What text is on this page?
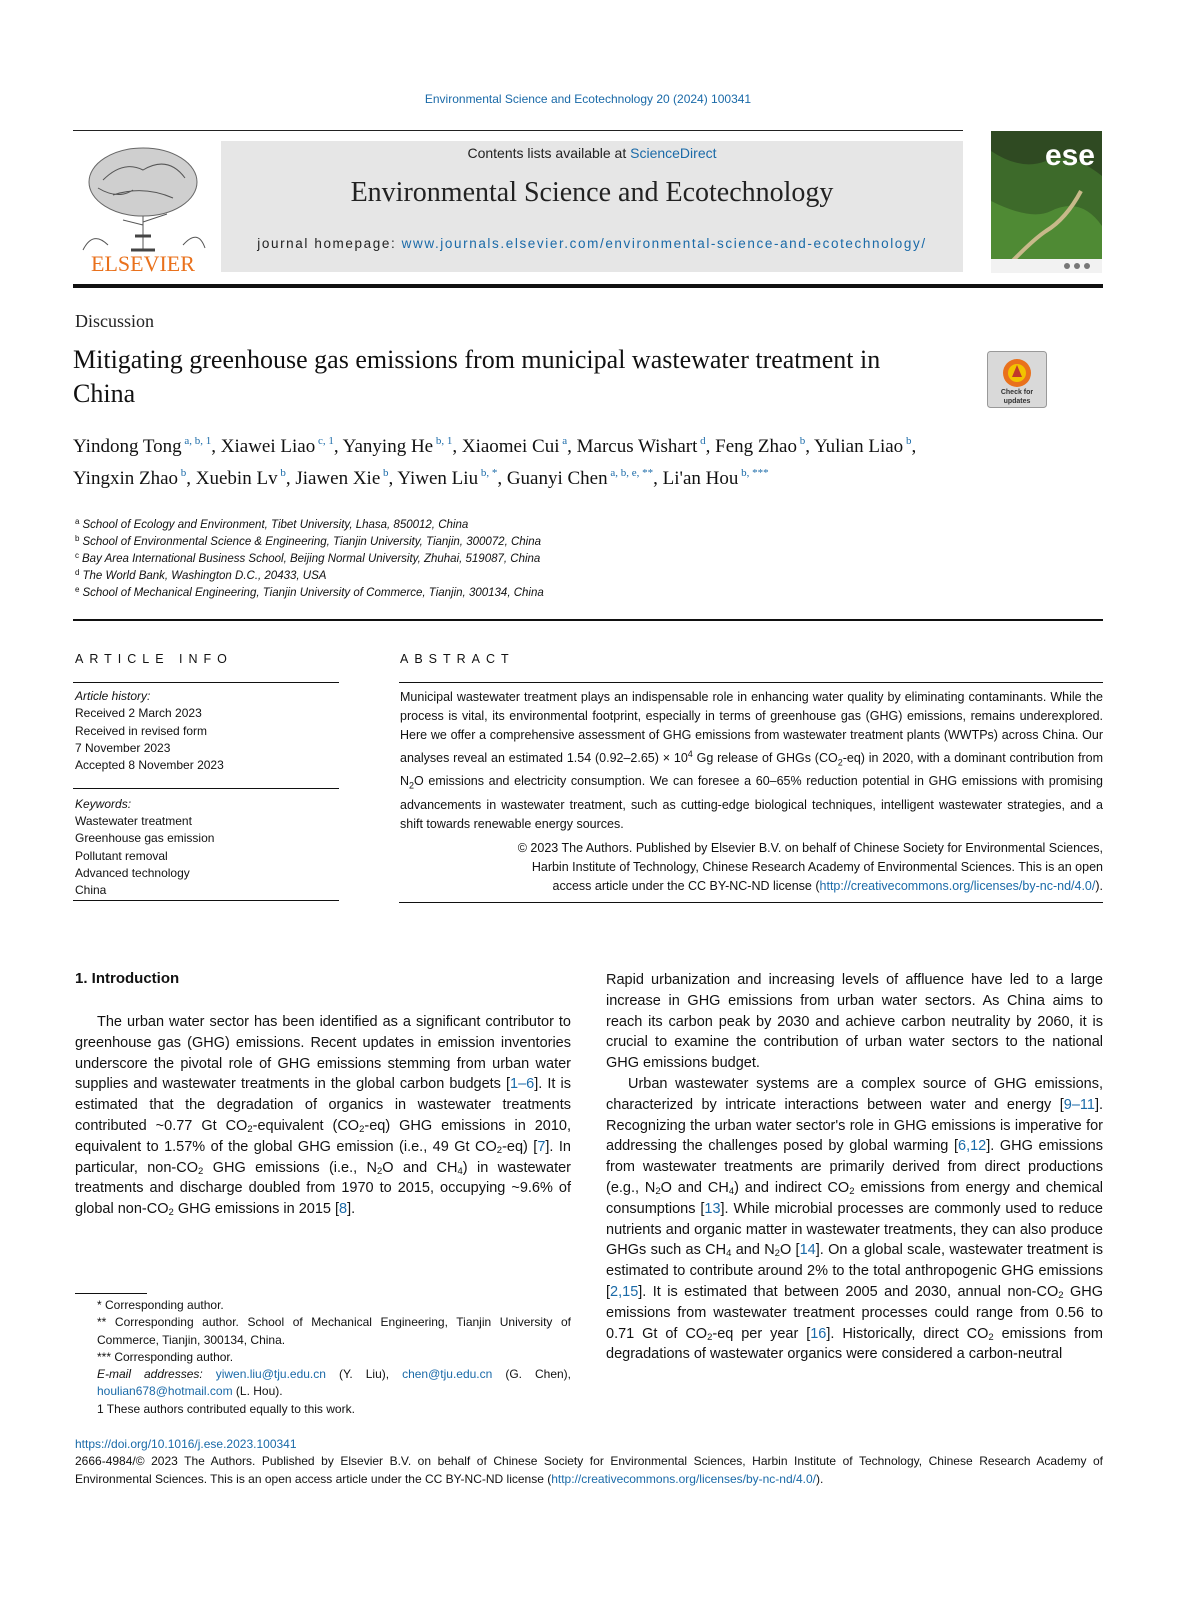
Environmental Science and Ecotechnology 20 (2024) 100341
ELSEVIER
Contents lists available at ScienceDirect
Environmental Science and Ecotechnology
journal homepage: www.journals.elsevier.com/environmental-science-and-ecotechnology/
ese
Discussion
Mitigating greenhouse gas emissions from municipal wastewater treatment in China	Check for
updates
Yindong Tong $^{a, b, 1}$, Xiawei Liao $^{c, 1}$, Yanying He $^{b, 1}$, Xiaomei Cui $^a$, Marcus Wishart $^d$, Feng Zhao $^b$, Yulian Liao $^b$, Yingxin Zhao $^b$, Xuebin Lv $^b$, Jiawen Xie $^b$, Yiwen Liu $^{b, *}$, Guanyi Chen $^{a, b, e, **}$, Li'an Hou $^{b, ***}$
$^a$ School of Ecology and Environment, Tibet University, Lhasa, 850012, China
$^b$ School of Environmental Science & Engineering, Tianjin University, Tianjin, 300072, China
$^c$ Bay Area International Business School, Beijing Normal University, Zhuhai, 519087, China
$^d$ The World Bank, Washington D.C., 20433, USA
$^e$ School of Mechanical Engineering, Tianjin University of Commerce, Tianjin, 300134, China
ARTICLE INFO
Article history:
Received 2 March 2023
Received in revised form
7 November 2023
Accepted 8 November 2023
Keywords:
Wastewater treatment
Greenhouse gas emission
Pollutant removal
Advanced technology
China
ABSTRACT
Municipal wastewater treatment plays an indispensable role in enhancing water quality by eliminating contaminants. While the process is vital, its environmental footprint, especially in terms of greenhouse gas (GHG) emissions, remains underexplored. Here we offer a comprehensive assessment of GHG emissions from wastewater treatment plants (WWTPs) across China. Our analyses reveal an estimated 1.54 $(0.92-2.65) \times 10^4$ Gg release of GHGs $(CO_2-eq)$ in 2020, with a dominant contribution from $N_2O$ emissions and electricity consumption. We can foresee a 60–65% reduction potential in GHG emissions with promising advancements in wastewater treatment, such as cutting-edge biological techniques, intelligent wastewater strategies, and a shift towards renewable energy sources.
© 2023 The Authors. Published by Elsevier B.V. on behalf of Chinese Society for Environmental Sciences,
Harbin Institute of Technology, Chinese Research Academy of Environmental Sciences. This is an open
access article under the CC BY-NC-ND license (http://creativecommons.org/licenses/by-nc-nd/4.0/).
1. Introduction

The urban water sector has been identified as a significant contributor to greenhouse gas (GHG) emissions. Recent updates in emission inventories underscore the pivotal role of GHG emissions stemming from urban water supplies and wastewater treatments in the global carbon budgets [1–6]. It is estimated that the degradation of organics in wastewater treatments contributed ~0.77 Gt $CO_2$-equivalent $(CO_2-eq)$ GHG emissions in 2010, equivalent to 1.57% of the global GHG emission (i.e., 49 Gt $CO_2-eq$) [7]. In particular, non-$CO_2$ GHG emissions (i.e., $N_2O$ and $CH_4$) in wastewater treatments and discharge doubled from 1970 to 2015, occupying ~9.6% of global non-$CO_2$ GHG emissions in 2015 [8].

Rapid urbanization and increasing levels of affluence have led to a large increase in GHG emissions from urban water sectors. As China aims to reach its carbon peak by 2030 and achieve carbon neutrality by 2060, it is crucial to examine the contribution of urban water sectors to the national GHG emissions budget.

Urban wastewater systems are a complex source of GHG emissions, characterized by intricate interactions between water and energy [9–11]. Recognizing the urban water sector's role in GHG emissions is imperative for addressing the challenges posed by global warming [6,12]. GHG emissions from wastewater treatments are primarily derived from direct productions (e.g., $N_2O$ and $CH_4$) and indirect $CO_2$ emissions from energy and chemical consumptions [13]. While microbial processes are commonly used to reduce nutrients and organic matter in wastewater treatments, they can also produce GHGs such as $CH_4$ and $N_2O$ [14]. On a global scale, wastewater treatment is estimated to contribute around 2% to the total anthropogenic GHG emissions [2,15]. It is estimated that between 2005 and 2030, annual non-$CO_2$ GHG emissions from wastewater treatment processes could range from 0.56 to 0.71 Gt of $CO_2-eq$ per year [16]. Historically, direct $CO_2$ emissions from degradations of wastewater organics were considered a carbon-neutral

* Corresponding author.
** Corresponding author. School of Mechanical Engineering, Tianjin University of Commerce, Tianjin, 300134, China.
*** Corresponding author.
E-mail addresses: yiwen.liu@tju.edu.cn (Y. Liu), chen@tju.edu.cn (G. Chen), houlian678@hotmail.com (L. Hou).
1 These authors contributed equally to this work.
https://doi.org/10.1016/j.ese.2023.100341
2666-4984/© 2023 The Authors. Published by Elsevier B.V. on behalf of Chinese Society for Environmental Sciences, Harbin Institute of Technology, Chinese Research Academy of Environmental Sciences. This is an open access article under the CC BY-NC-ND license (http://creativecommons.org/licenses/by-nc-nd/4.0/).
